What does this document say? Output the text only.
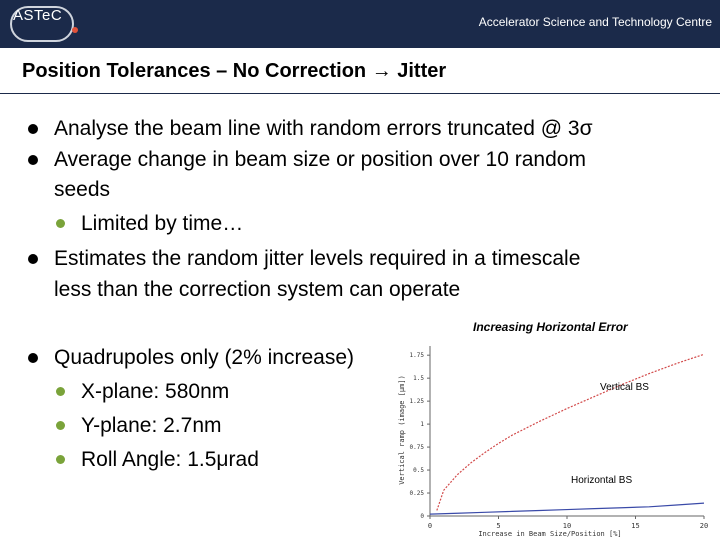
ASTeC	Accelerator Science and Technology Centre
Position Tolerances – No Correction → Jitter
Analyse the beam line with random errors truncated @ 3σ
Average change in beam size or position over 10 random
seeds
Limited by time…
Estimates the random jitter levels required in a timescale
less than the correction system can operate
Increasing Horizontal Error
Quadrupoles only (2% increase)
X-plane: 580nm
Y-plane: 2.7nm
Roll Angle: 1.5μrad
0	5	10	15	20
0
0.25
0.5
0.75
1
1.25
1.5
1.75
Vertical BS
Horizontal BS
Increase in Beam Size/Position [%]
Vertical ramp (image [μm])
